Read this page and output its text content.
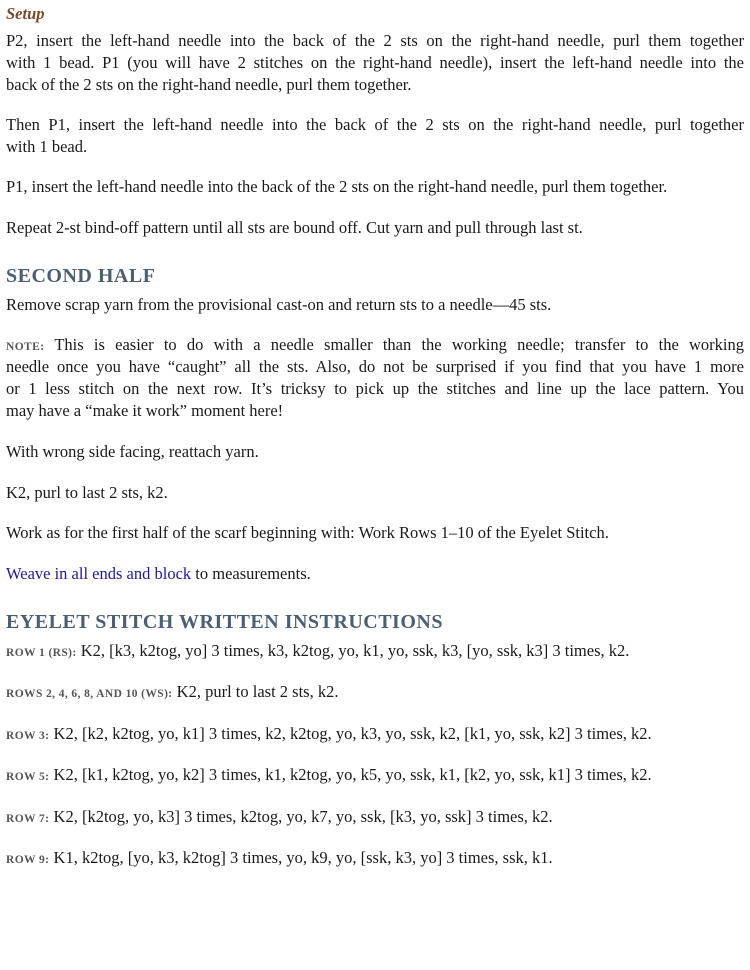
Setup
P2, insert the left-hand needle into the back of the 2 sts on the right-hand needle, purl them together
with 1 bead. P1 (you will have 2 stitches on the right-hand needle), insert the left-hand needle into the
back of the 2 sts on the right-hand needle, purl them together.
Then P1, insert the left-hand needle into the back of the 2 sts on the right-hand needle, purl together
with 1 bead.
P1, insert the left-hand needle into the back of the 2 sts on the right-hand needle, purl them together.
Repeat 2-st bind-off pattern until all sts are bound off. Cut yarn and pull through last st.
SECOND HALF
Remove scrap yarn from the provisional cast-on and return sts to a needle—45 sts.
NOTE: This is easier to do with a needle smaller than the working needle; transfer to the working
needle once you have “caught” all the sts. Also, do not be surprised if you find that you have 1 more
or 1 less stitch on the next row. It’s tricksy to pick up the stitches and line up the lace pattern. You
may have a “make it work” moment here!
With wrong side facing, reattach yarn.
K2, purl to last 2 sts, k2.
Work as for the first half of the scarf beginning with: Work Rows 1–10 of the Eyelet Stitch.
Weave in all ends and block to measurements.
EYELET STITCH WRITTEN INSTRUCTIONS
ROW 1 (RS): K2, [k3, k2tog, yo] 3 times, k3, k2tog, yo, k1, yo, ssk, k3, [yo, ssk, k3] 3 times, k2.
ROWS 2, 4, 6, 8, AND 10 (WS): K2, purl to last 2 sts, k2.
ROW 3: K2, [k2, k2tog, yo, k1] 3 times, k2, k2tog, yo, k3, yo, ssk, k2, [k1, yo, ssk, k2] 3 times, k2.
ROW 5: K2, [k1, k2tog, yo, k2] 3 times, k1, k2tog, yo, k5, yo, ssk, k1, [k2, yo, ssk, k1] 3 times, k2.
ROW 7: K2, [k2tog, yo, k3] 3 times, k2tog, yo, k7, yo, ssk, [k3, yo, ssk] 3 times, k2.
ROW 9: K1, k2tog, [yo, k3, k2tog] 3 times, yo, k9, yo, [ssk, k3, yo] 3 times, ssk, k1.
